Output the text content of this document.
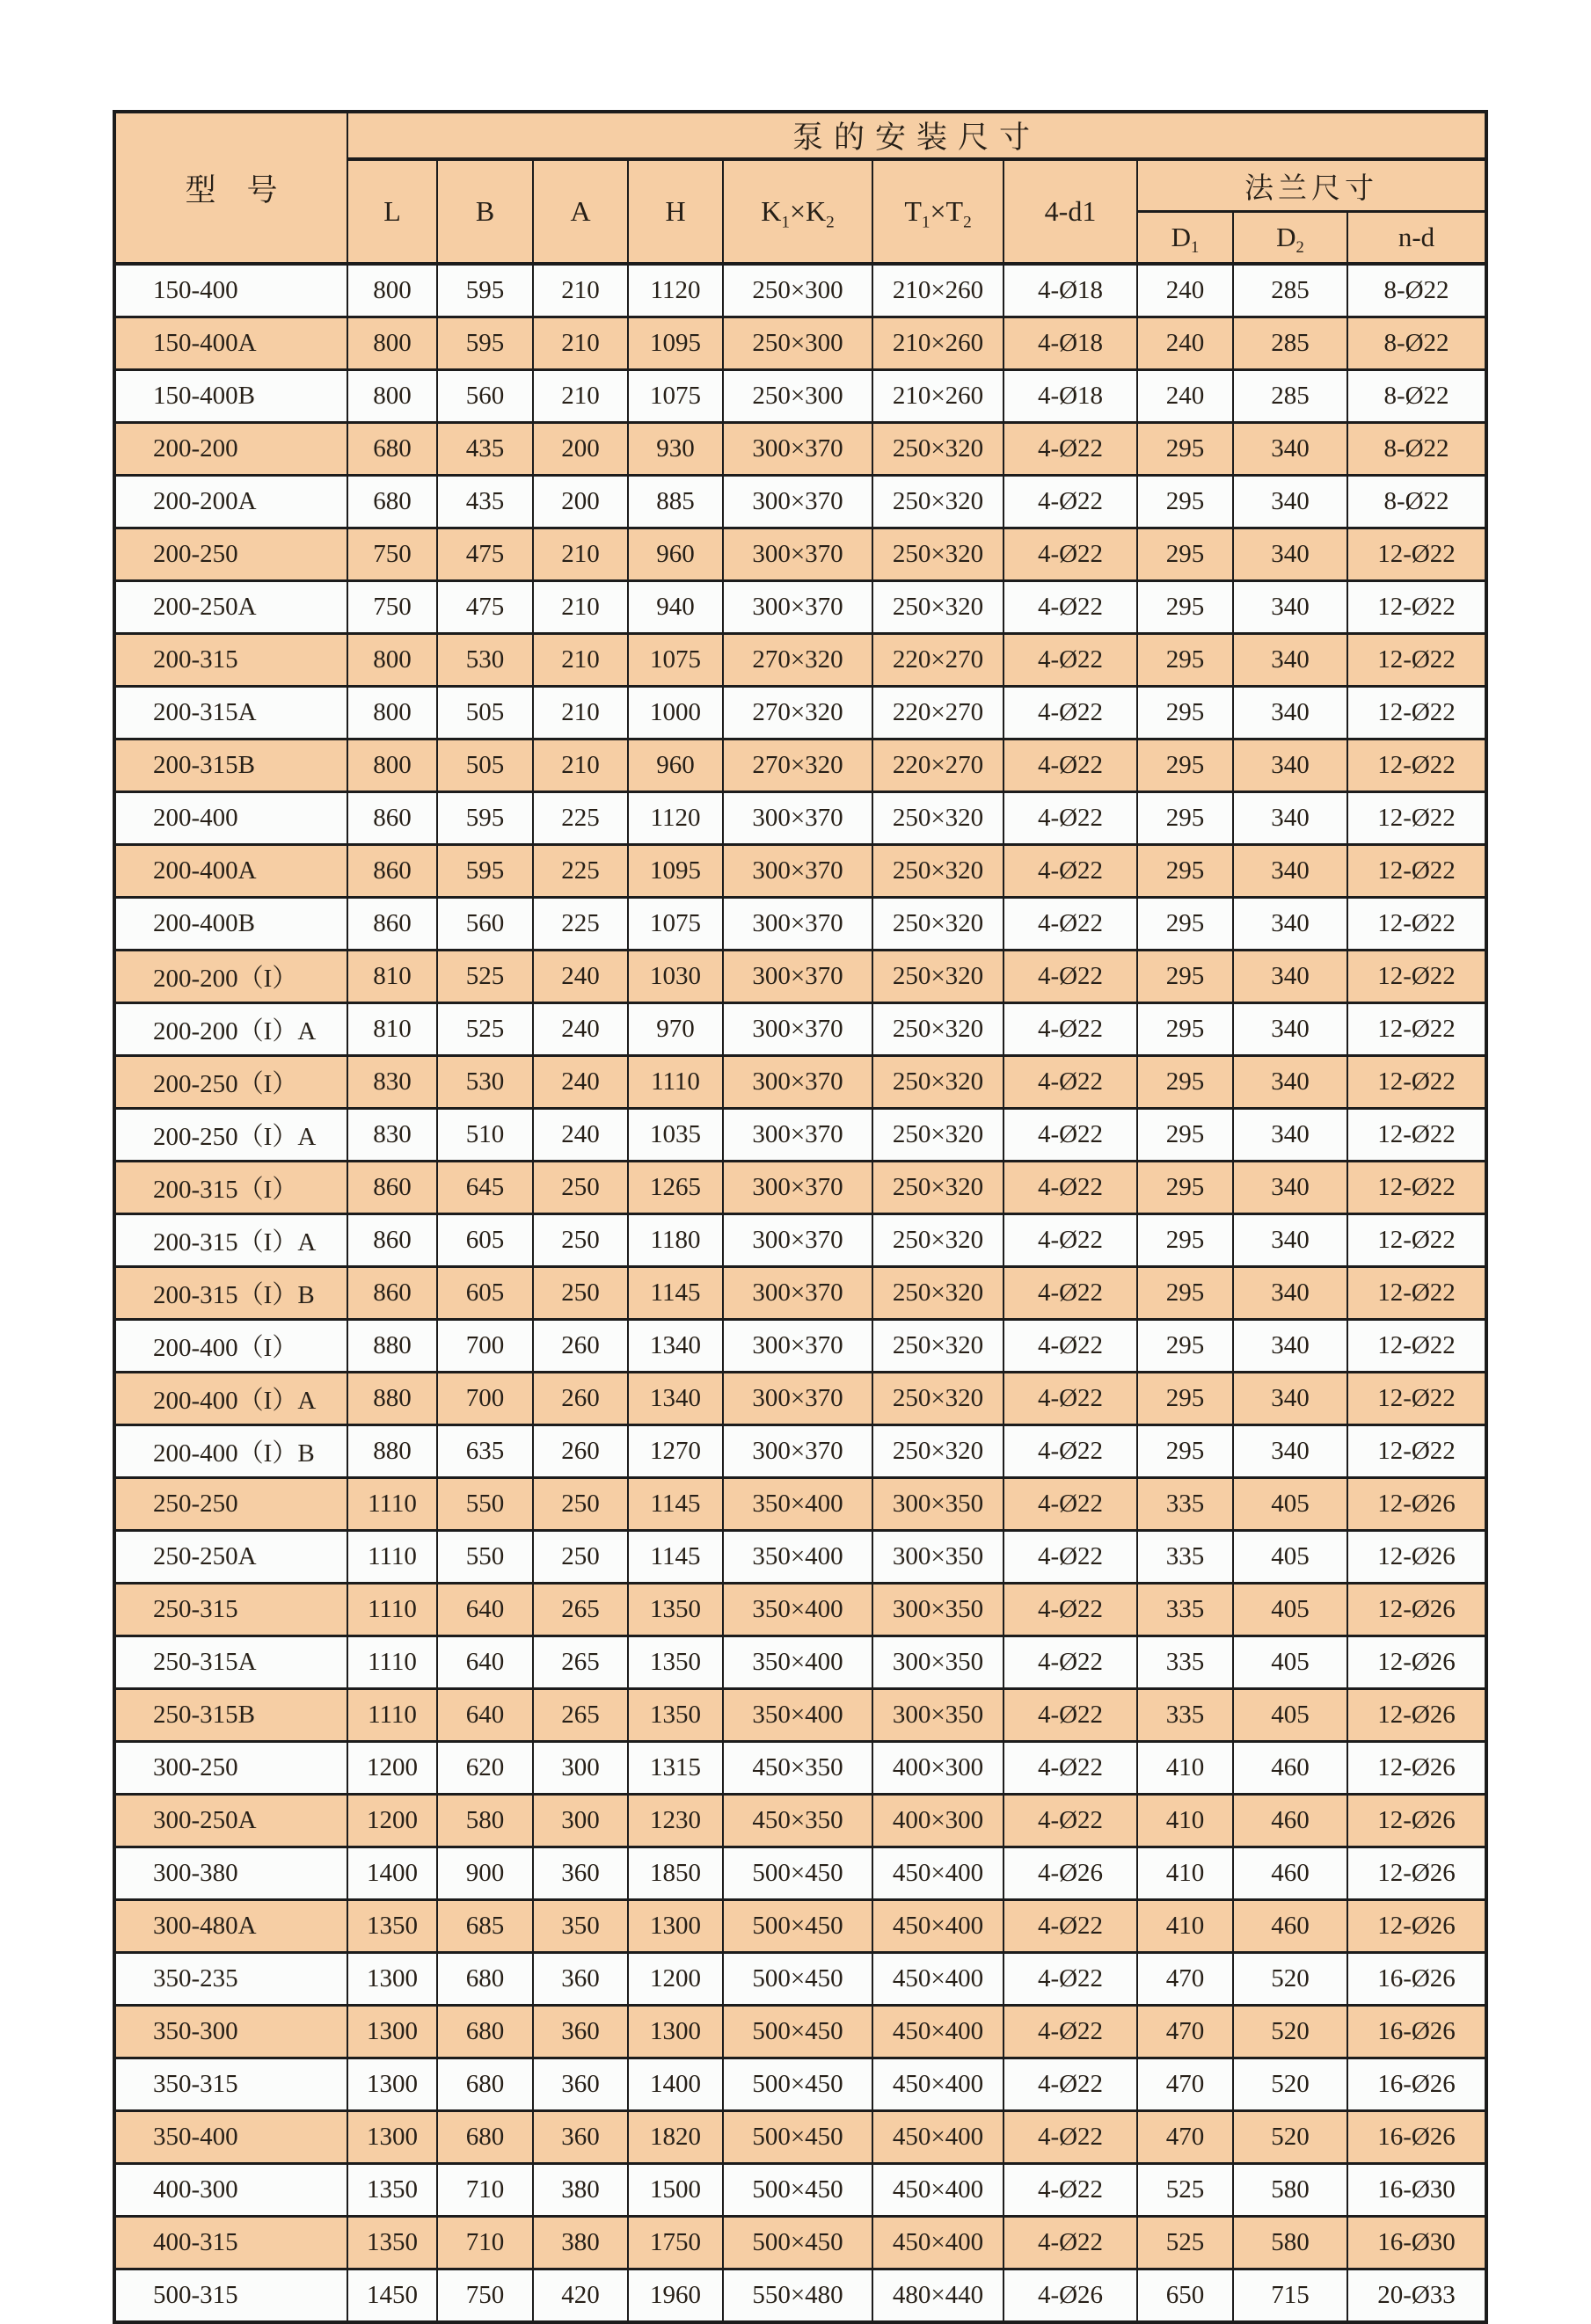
型　号	泵的安装尺寸									
	L	B	A	H	$K_1\times K_2$	$T_1\times T_2$	4-d1	法兰尺寸		
								$D_1$	$D_2$	n-d
150-400	800	595	210	1120	250×300	210×260	4-Ø18	240	285	8-Ø22
150-400A	800	595	210	1095	250×300	210×260	4-Ø18	240	285	8-Ø22
150-400B	800	560	210	1075	250×300	210×260	4-Ø18	240	285	8-Ø22
200-200	680	435	200	930	300×370	250×320	4-Ø22	295	340	8-Ø22
200-200A	680	435	200	885	300×370	250×320	4-Ø22	295	340	8-Ø22
200-250	750	475	210	960	300×370	250×320	4-Ø22	295	340	12-Ø22
200-250A	750	475	210	940	300×370	250×320	4-Ø22	295	340	12-Ø22
200-315	800	530	210	1075	270×320	220×270	4-Ø22	295	340	12-Ø22
200-315A	800	505	210	1000	270×320	220×270	4-Ø22	295	340	12-Ø22
200-315B	800	505	210	960	270×320	220×270	4-Ø22	295	340	12-Ø22
200-400	860	595	225	1120	300×370	250×320	4-Ø22	295	340	12-Ø22
200-400A	860	595	225	1095	300×370	250×320	4-Ø22	295	340	12-Ø22
200-400B	860	560	225	1075	300×370	250×320	4-Ø22	295	340	12-Ø22
200-200（I）	810	525	240	1030	300×370	250×320	4-Ø22	295	340	12-Ø22
200-200（I）A	810	525	240	970	300×370	250×320	4-Ø22	295	340	12-Ø22
200-250（I）	830	530	240	1110	300×370	250×320	4-Ø22	295	340	12-Ø22
200-250（I）A	830	510	240	1035	300×370	250×320	4-Ø22	295	340	12-Ø22
200-315（I）	860	645	250	1265	300×370	250×320	4-Ø22	295	340	12-Ø22
200-315（I）A	860	605	250	1180	300×370	250×320	4-Ø22	295	340	12-Ø22
200-315（I）B	860	605	250	1145	300×370	250×320	4-Ø22	295	340	12-Ø22
200-400（I）	880	700	260	1340	300×370	250×320	4-Ø22	295	340	12-Ø22
200-400（I）A	880	700	260	1340	300×370	250×320	4-Ø22	295	340	12-Ø22
200-400（I）B	880	635	260	1270	300×370	250×320	4-Ø22	295	340	12-Ø22
250-250	1110	550	250	1145	350×400	300×350	4-Ø22	335	405	12-Ø26
250-250A	1110	550	250	1145	350×400	300×350	4-Ø22	335	405	12-Ø26
250-315	1110	640	265	1350	350×400	300×350	4-Ø22	335	405	12-Ø26
250-315A	1110	640	265	1350	350×400	300×350	4-Ø22	335	405	12-Ø26
250-315B	1110	640	265	1350	350×400	300×350	4-Ø22	335	405	12-Ø26
300-250	1200	620	300	1315	450×350	400×300	4-Ø22	410	460	12-Ø26
300-250A	1200	580	300	1230	450×350	400×300	4-Ø22	410	460	12-Ø26
300-380	1400	900	360	1850	500×450	450×400	4-Ø26	410	460	12-Ø26
300-480A	1350	685	350	1300	500×450	450×400	4-Ø22	410	460	12-Ø26
350-235	1300	680	360	1200	500×450	450×400	4-Ø22	470	520	16-Ø26
350-300	1300	680	360	1300	500×450	450×400	4-Ø22	470	520	16-Ø26
350-315	1300	680	360	1400	500×450	450×400	4-Ø22	470	520	16-Ø26
350-400	1300	680	360	1820	500×450	450×400	4-Ø22	470	520	16-Ø26
400-300	1350	710	380	1500	500×450	450×400	4-Ø22	525	580	16-Ø30
400-315	1350	710	380	1750	500×450	450×400	4-Ø22	525	580	16-Ø30
500-315	1450	750	420	1960	550×480	480×440	4-Ø26	650	715	20-Ø33
